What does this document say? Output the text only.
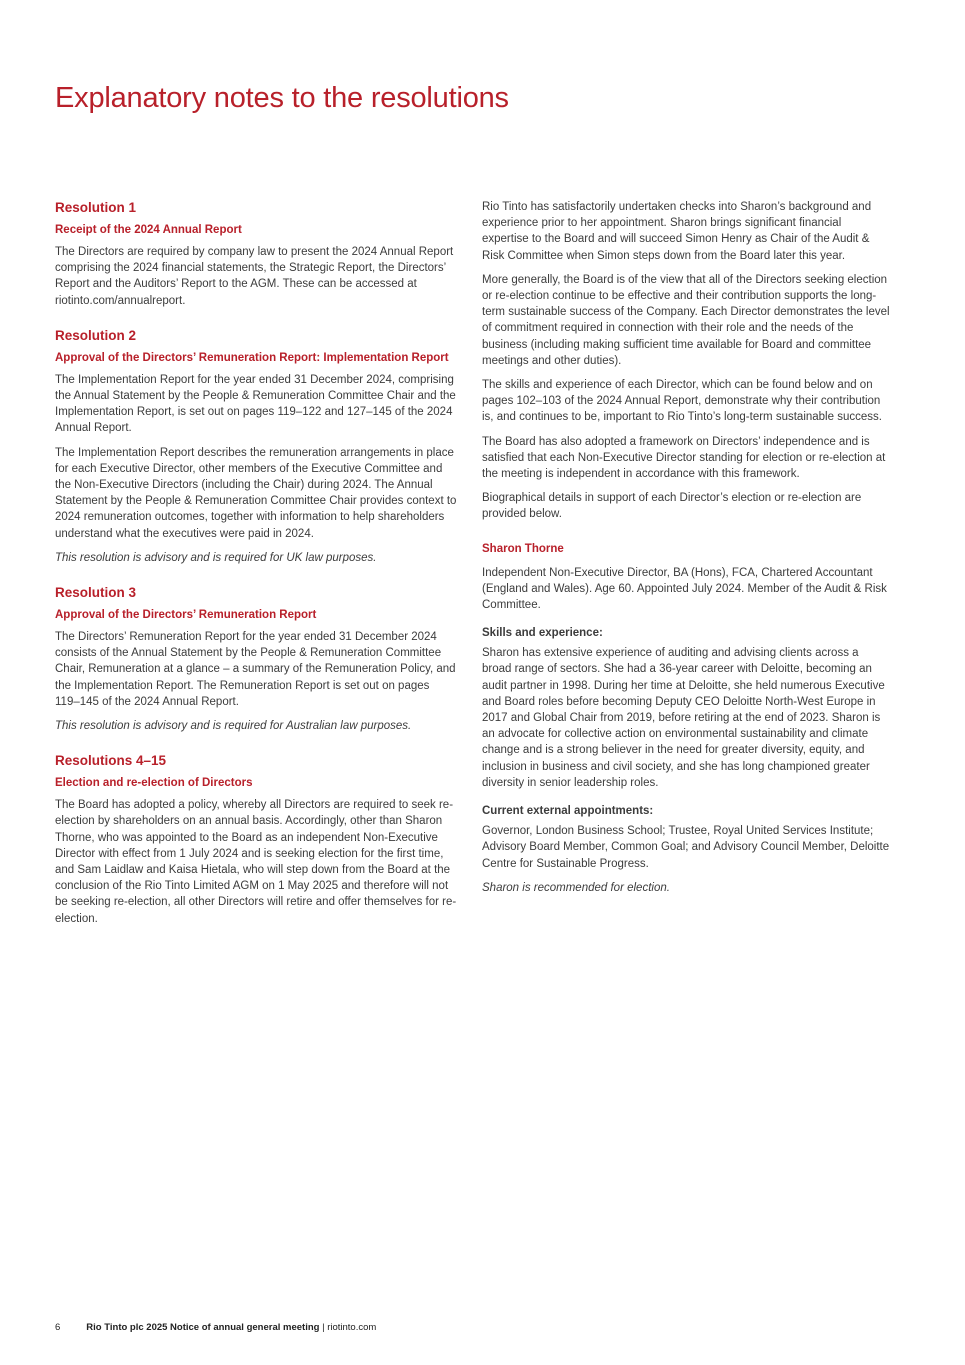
Explanatory notes to the resolutions
Resolution 1
Receipt of the 2024 Annual Report

The Directors are required by company law to present the 2024 Annual Report comprising the 2024 financial statements, the Strategic Report, the Directors’ Report and the Auditors’ Report to the AGM. These can be accessed at riotinto.com/annualreport.

Resolution 2
Approval of the Directors’ Remuneration Report: Implementation Report

The Implementation Report for the year ended 31 December 2024, comprising the Annual Statement by the People & Remuneration Committee Chair and the Implementation Report, is set out on pages 119–122 and 127–145 of the 2024 Annual Report.

The Implementation Report describes the remuneration arrangements in place for each Executive Director, other members of the Executive Committee and the Non-Executive Directors (including the Chair) during 2024. The Annual Statement by the People & Remuneration Committee Chair provides context to 2024 remuneration outcomes, together with information to help shareholders understand what the executives were paid in 2024.

This resolution is advisory and is required for UK law purposes.

Resolution 3
Approval of the Directors’ Remuneration Report

The Directors’ Remuneration Report for the year ended 31 December 2024 consists of the Annual Statement by the People & Remuneration Committee Chair, Remuneration at a glance – a summary of the Remuneration Policy, and the Implementation Report. The Remuneration Report is set out on pages 119–145 of the 2024 Annual Report.

This resolution is advisory and is required for Australian law purposes.

Resolutions 4–15
Election and re-election of Directors

The Board has adopted a policy, whereby all Directors are required to seek re-election by shareholders on an annual basis. Accordingly, other than Sharon Thorne, who was appointed to the Board as an independent Non-Executive Director with effect from 1 July 2024 and is seeking election for the first time, and Sam Laidlaw and Kaisa Hietala, who will step down from the Board at the conclusion of the Rio Tinto Limited AGM on 1 May 2025 and therefore will not be seeking re-election, all other Directors will retire and offer themselves for re-election.

Rio Tinto has satisfactorily undertaken checks into Sharon’s background and experience prior to her appointment. Sharon brings significant financial expertise to the Board and will succeed Simon Henry as Chair of the Audit & Risk Committee when Simon steps down from the Board later this year.

More generally, the Board is of the view that all of the Directors seeking election or re-election continue to be effective and their contribution supports the long-term sustainable success of the Company. Each Director demonstrates the level of commitment required in connection with their role and the needs of the business (including making sufficient time available for Board and committee meetings and other duties).

The skills and experience of each Director, which can be found below and on pages 102–103 of the 2024 Annual Report, demonstrate why their contribution is, and continues to be, important to Rio Tinto’s long-term sustainable success.

The Board has also adopted a framework on Directors’ independence and is satisfied that each Non-Executive Director standing for election or re-election at the meeting is independent in accordance with this framework.

Biographical details in support of each Director’s election or re-election are provided below.

Sharon Thorne

Independent Non-Executive Director, BA (Hons), FCA, Chartered Accountant (England and Wales). Age 60. Appointed July 2024. Member of the Audit & Risk Committee.

Skills and experience:

Sharon has extensive experience of auditing and advising clients across a broad range of sectors. She had a 36-year career with Deloitte, becoming an audit partner in 1998. During her time at Deloitte, she held numerous Executive and Board roles before becoming Deputy CEO Deloitte North-West Europe in 2017 and Global Chair from 2019, before retiring at the end of 2023. Sharon is an advocate for collective action on environmental sustainability and climate change and is a strong believer in the need for greater diversity, equity, and inclusion in business and civil society, and she has long championed greater diversity in senior leadership roles.

Current external appointments:

Governor, London Business School; Trustee, Royal United Services Institute; Advisory Board Member, Common Goal; and Advisory Council Member, Deloitte Centre for Sustainable Progress.

Sharon is recommended for election.

6	Rio Tinto plc 2025 Notice of annual general meeting | riotinto.com
